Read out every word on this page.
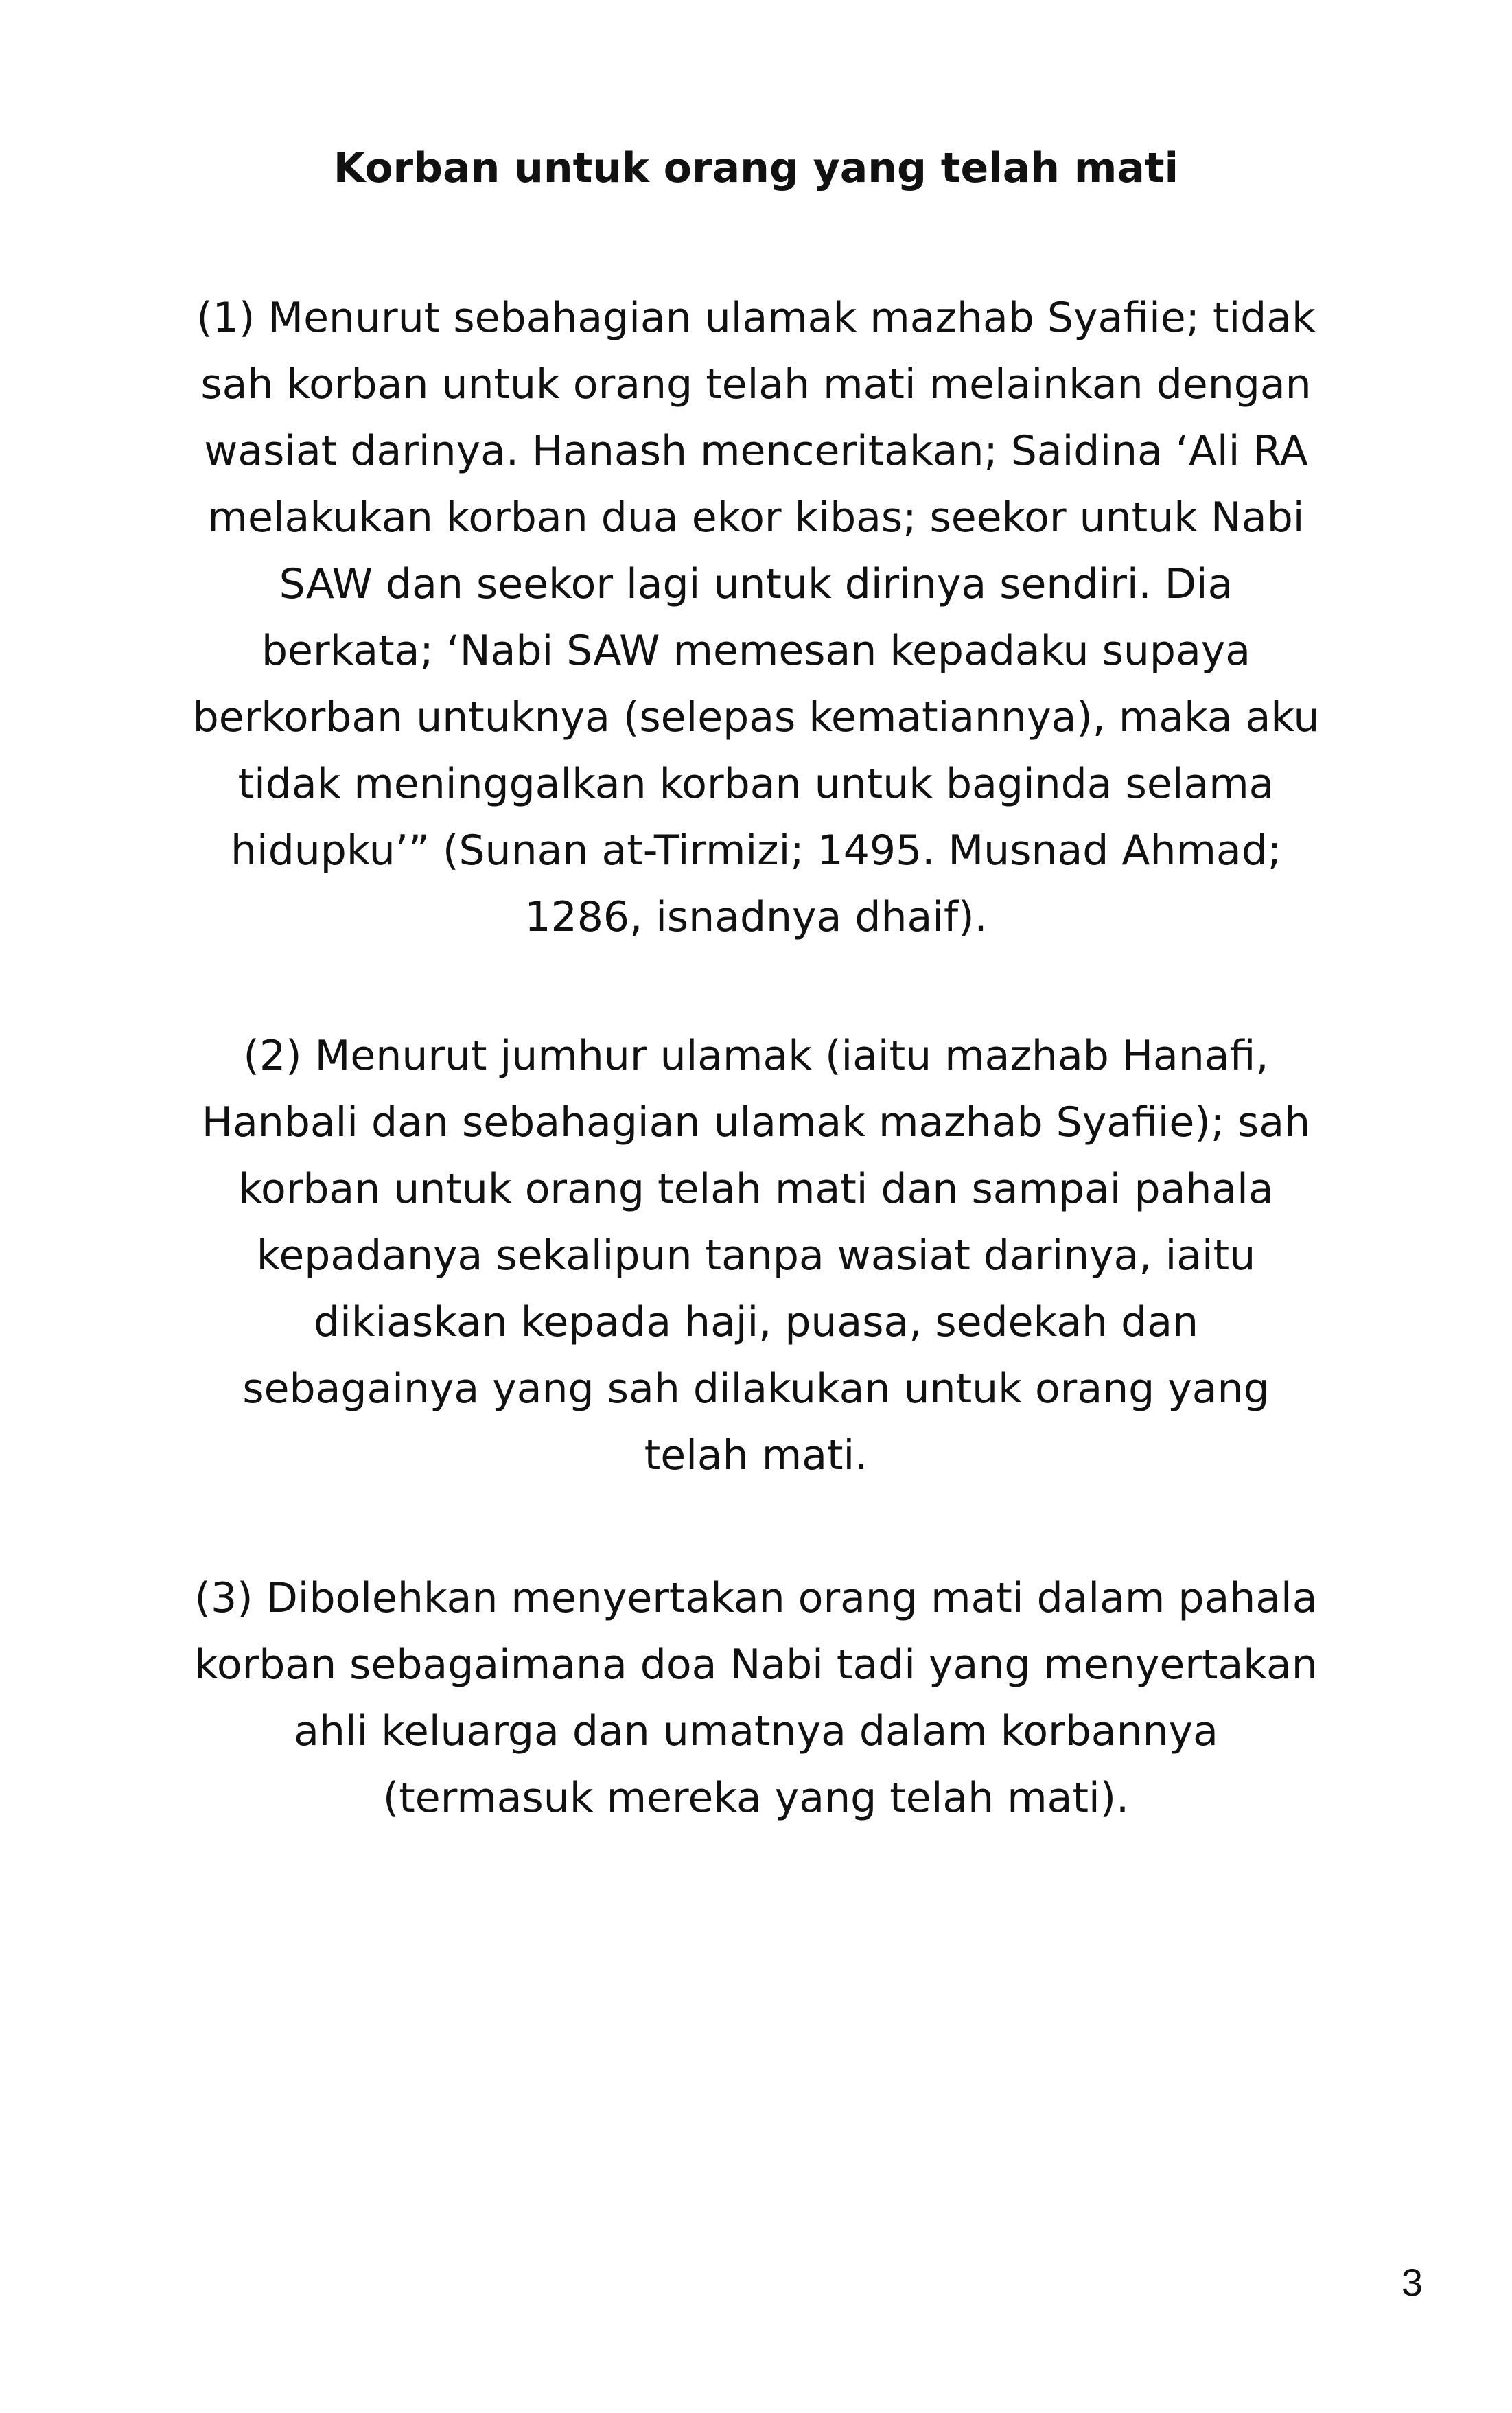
Korban untuk orang yang telah mati

(1) Menurut sebahagian ulamak mazhab Syafiie; tidak
sah korban untuk orang telah mati melainkan dengan
wasiat darinya. Hanash menceritakan; Saidina ‘Ali RA
melakukan korban dua ekor kibas; seekor untuk Nabi
SAW dan seekor lagi untuk dirinya sendiri. Dia
berkata; ‘Nabi SAW memesan kepadaku supaya
berkorban untuknya (selepas kematiannya), maka aku
tidak meninggalkan korban untuk baginda selama
hidupku’” (Sunan at-Tirmizi; 1495. Musnad Ahmad;
1286, isnadnya dhaif).

(2) Menurut jumhur ulamak (iaitu mazhab Hanafi,
Hanbali dan sebahagian ulamak mazhab Syafiie); sah
korban untuk orang telah mati dan sampai pahala
kepadanya sekalipun tanpa wasiat darinya, iaitu
dikiaskan kepada haji, puasa, sedekah dan
sebagainya yang sah dilakukan untuk orang yang
telah mati.

(3) Dibolehkan menyertakan orang mati dalam pahala
korban sebagaimana doa Nabi tadi yang menyertakan
ahli keluarga dan umatnya dalam korbannya
(termasuk mereka yang telah mati).

3
